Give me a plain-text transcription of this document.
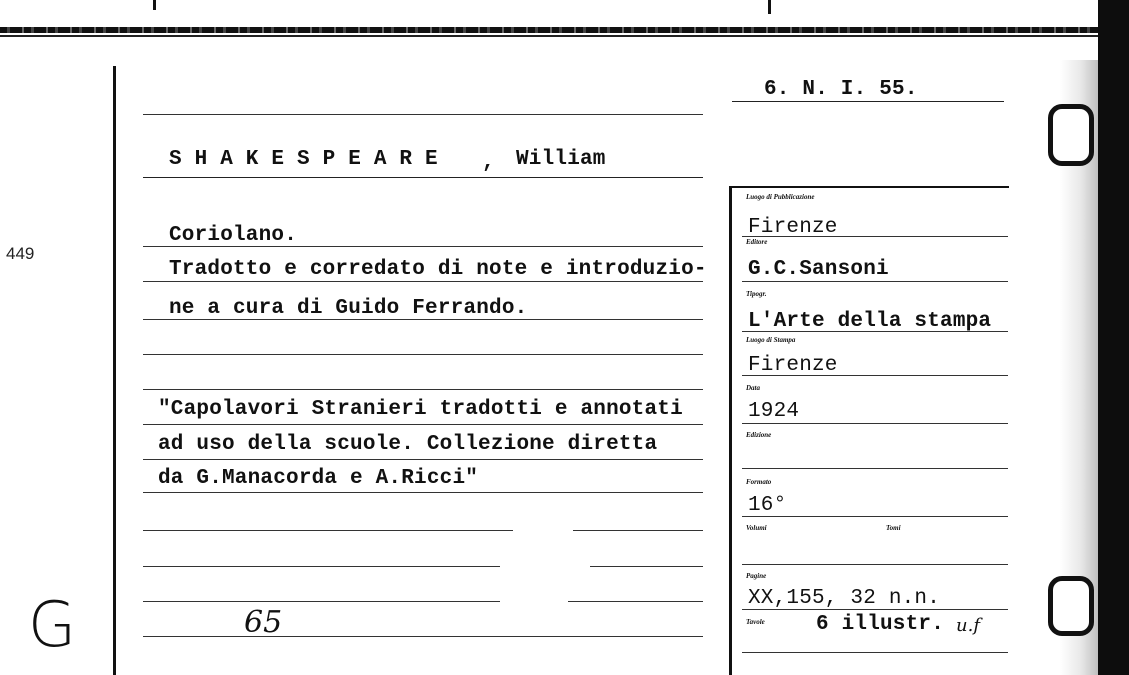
449
6. N. I. 55.
S H A K E S P E A R E , William
Coriolano.
Tradotto e corredato di note e introduzio-
ne a cura di Guido Ferrando.
"Capolavori Stranieri tradotti e annotati
ad uso della scuole. Collezione diretta
da G.Manacorda e A.Ricci"
65
G
Luogo di Pubblicazione
Firenze
Editore
G.C.Sansoni
Tipogr.
L'Arte della stampa
Luogo di Stampa
Firenze
Data
1924
Edizione
Formato
16°
Volumi	Tomi
Pagine
XX,155, 32 n.n.
Tavole 6 illustr. u.f
